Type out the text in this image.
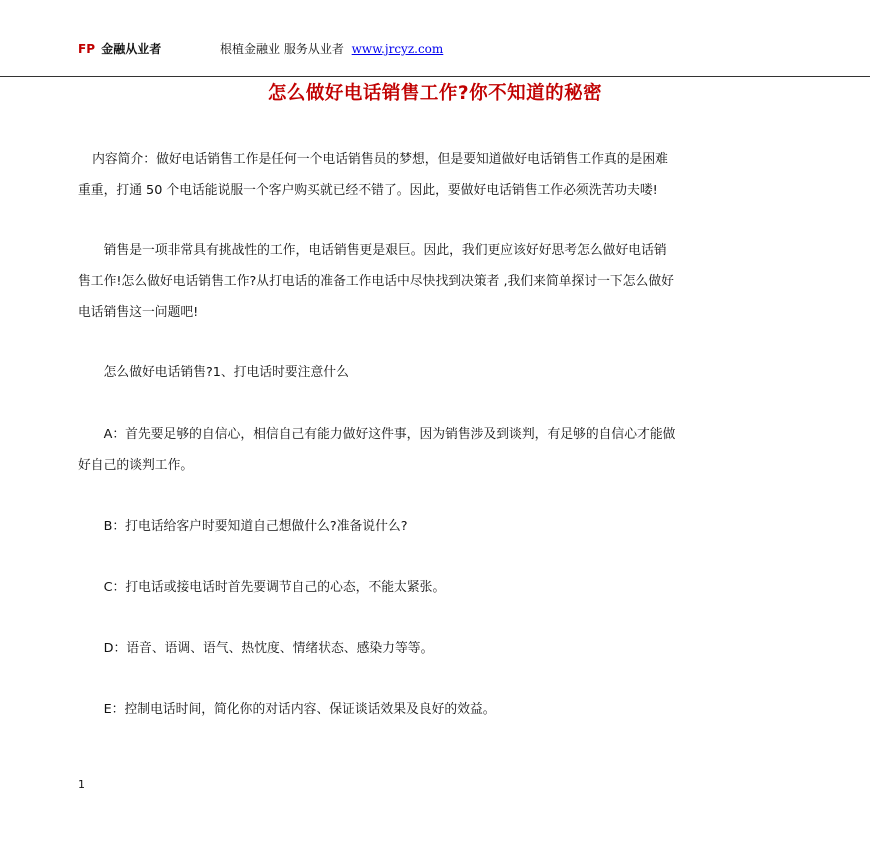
FP 金融从业者	根植金融业 服务从业者 www.jrcyz.com
怎么做好电话销售工作?你不知道的秘密

内容简介：做好电话销售工作是任何一个电话销售员的梦想，但是要知道做好电话销售工作真的是困难
重重，打通 50 个电话能说服一个客户购买就已经不错了。因此，要做好电话销售工作必须洗苦功夫喽!

销售是一项非常具有挑战性的工作，电话销售更是艰巨。因此，我们更应该好好思考怎么做好电话销
售工作!怎么做好电话销售工作?从打电话的准备工作电话中尽快找到决策者 ,我们来简单探讨一下怎么做好
电话销售这一问题吧!

怎么做好电话销售?1、打电话时要注意什么

A：首先要足够的自信心，相信自己有能力做好这件事，因为销售涉及到谈判，有足够的自信心才能做
好自己的谈判工作。

B：打电话给客户时要知道自己想做什么?准备说什么?

C：打电话或接电话时首先要调节自己的心态，不能太紧张。

D：语音、语调、语气、热忱度、情绪状态、感染力等等。

E：控制电话时间，简化你的对话内容、保证谈话效果及良好的效益。

1
